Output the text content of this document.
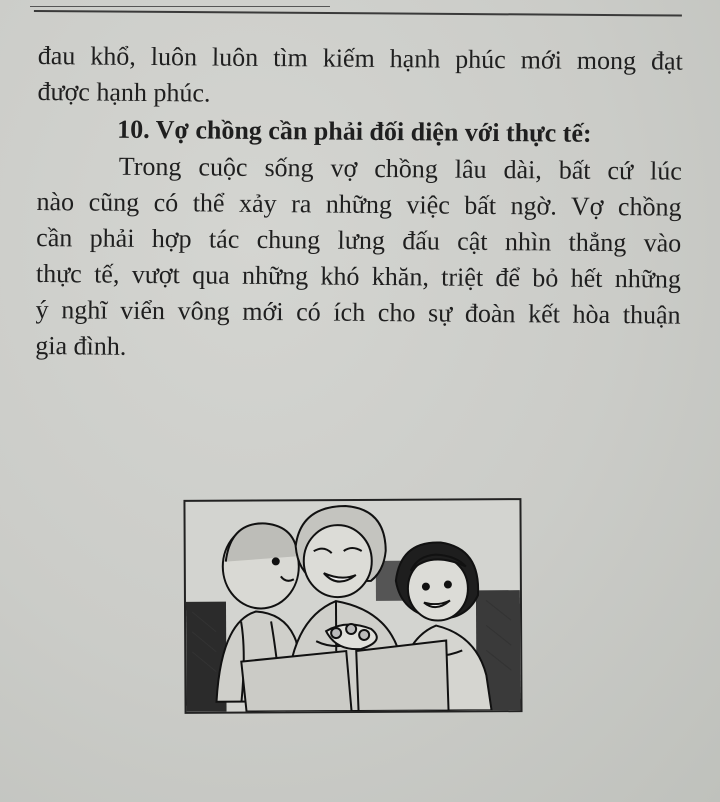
đau khổ, luôn luôn tìm kiếm hạnh phúc mới mong đạt
được hạnh phúc.
10. Vợ chồng cần phải đối diện với thực tế:
Trong cuộc sống vợ chồng lâu dài, bất cứ lúc
nào cũng có thể xảy ra những việc bất ngờ. Vợ chồng
cần phải hợp tác chung lưng đấu cật nhìn thẳng vào
thực tế, vượt qua những khó khăn, triệt để bỏ hết những
ý nghĩ viển vông mới có ích cho sự đoàn kết hòa thuận
gia đình.
